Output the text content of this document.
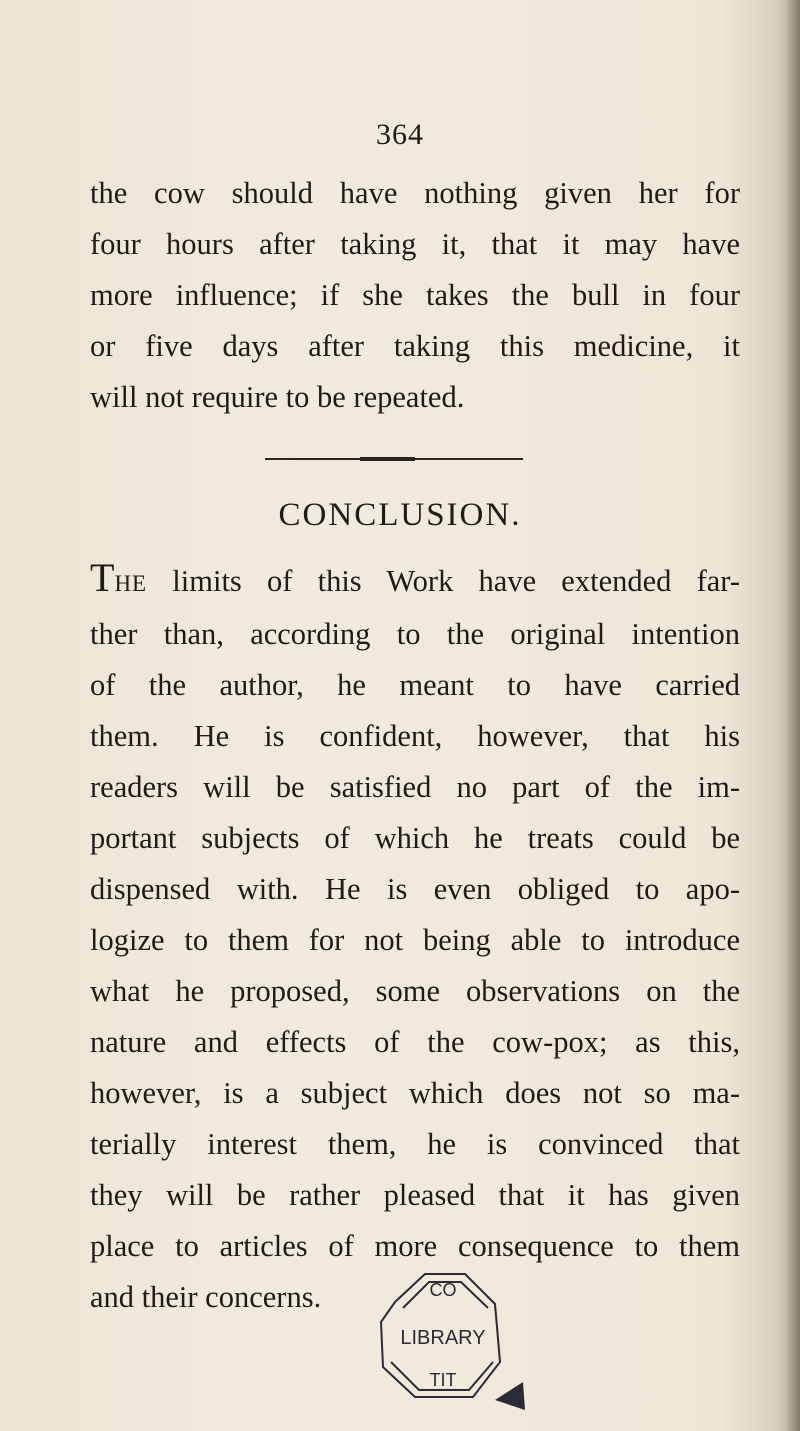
364

the cow should have nothing given her for
four hours after taking it, that it may have
more influence; if she takes the bull in four
or five days after taking this medicine, it
will not require to be repeated.

CONCLUSION.

THE limits of this Work have extended far-
ther than, according to the original intention
of the author, he meant to have carried
them. He is confident, however, that his
readers will be satisfied no part of the im-
portant subjects of which he treats could be
dispensed with. He is even obliged to apo-
logize to them for not being able to introduce
what he proposed, some observations on the
nature and effects of the cow-pox; as this,
however, is a subject which does not so ma-
terially interest them, he is convinced that
they will be rather pleased that it has given
place to articles of more consequence to them
and their concerns.	CO
LIBRARY
TIT
